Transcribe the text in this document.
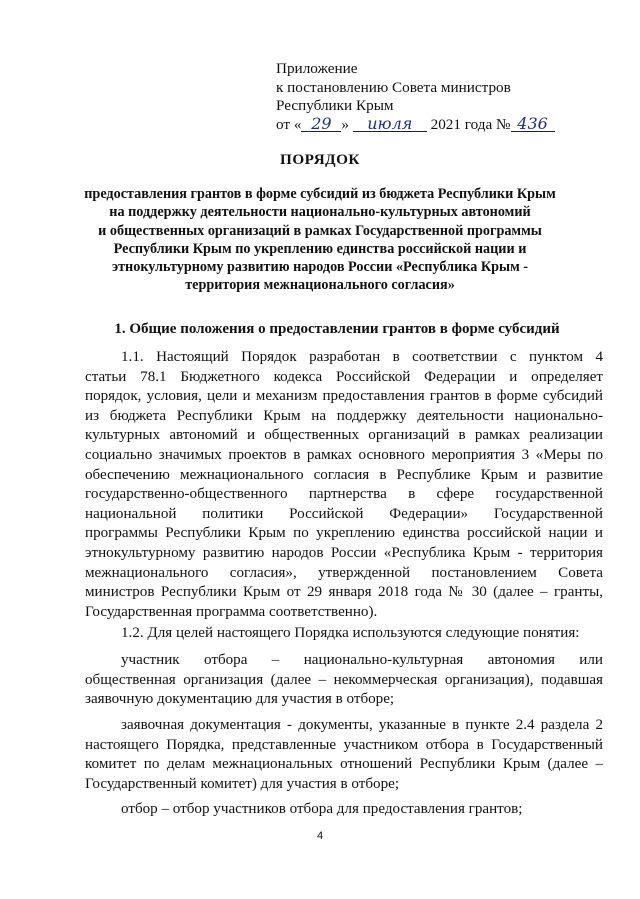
Приложение
к постановлению Совета министров
Республики Крым
от « 29 » июля 2021 года № 436
ПОРЯДОК
предоставления грантов в форме субсидий из бюджета Республики Крым
на поддержку деятельности национально-культурных автономий
и общественных организаций в рамках Государственной программы
Республики Крым по укреплению единства российской нации и
этнокультурному развитию народов России «Республика Крым -
территория межнационального согласия»
1. Общие положения о предоставлении грантов в форме субсидий
1.1. Настоящий Порядок разработан в соответствии с пунктом 4
статьи 78.1 Бюджетного кодекса Российской Федерации и определяет
порядок, условия, цели и механизм предоставления грантов в форме субсидий
из бюджета Республики Крым на поддержку деятельности национально-
культурных автономий и общественных организаций в рамках реализации
социально значимых проектов в рамках основного мероприятия 3 «Меры по
обеспечению межнационального согласия в Республике Крым и развитие
государственно-общественного партнерства в сфере государственной
национальной политики Российской Федерации» Государственной
программы Республики Крым по укреплению единства российской нации и
этнокультурному развитию народов России «Республика Крым - территория
межнационального согласия», утвержденной постановлением Совета
министров Республики Крым от 29 января 2018 года № 30 (далее – гранты,
Государственная программа соответственно).
1.2. Для целей настоящего Порядка используются следующие понятия:
участник отбора – национально-культурная автономия или
общественная организация (далее – некоммерческая организация), подавшая
заявочную документацию для участия в отборе;
заявочная документация - документы, указанные в пункте 2.4 раздела 2
настоящего Порядка, представленные участником отбора в Государственный
комитет по делам межнациональных отношений Республики Крым (далее –
Государственный комитет) для участия в отборе;
отбор – отбор участников отбора для предоставления грантов;
4
